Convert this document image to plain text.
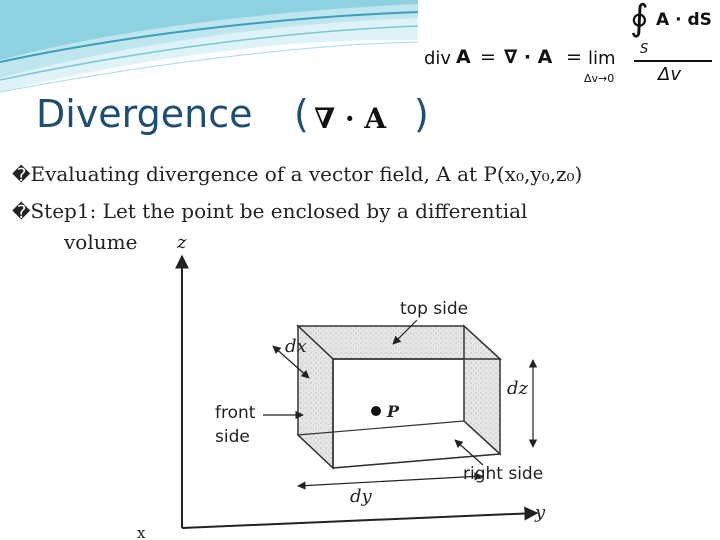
div A = ∇ · A = lim
Δv→0
∮ A · dS
S
Δv
Divergence ( ∇ · A )
�Evaluating divergence of a vector field, A at P(x₀,y₀,z₀)
�Step1: Let the point be enclosed by a differential
volume z
y
x
P
dx
dz
dy
top side
front
side
right side
